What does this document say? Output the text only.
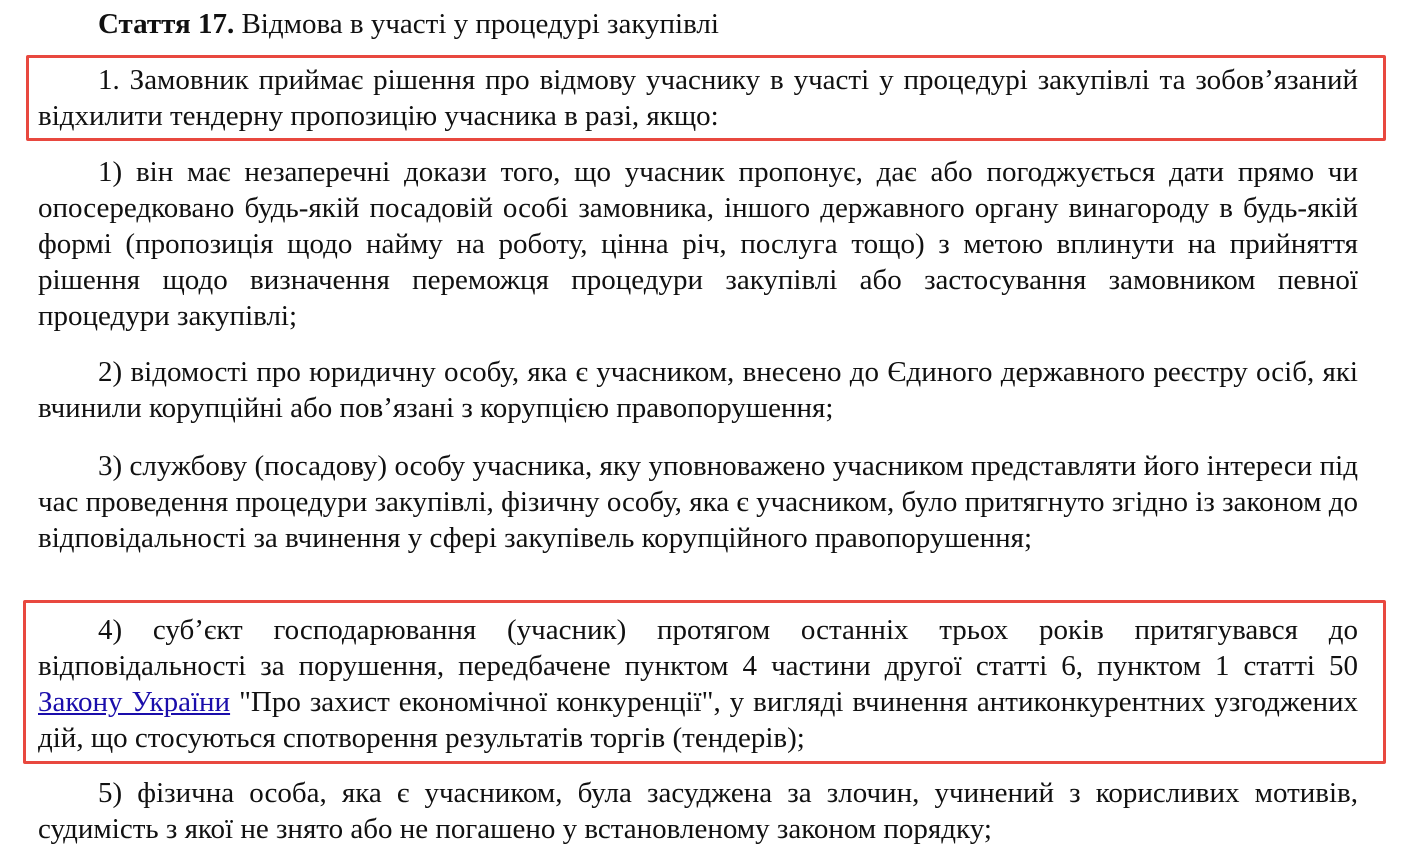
Стаття 17. Відмова в участі у процедурі закупівлі

1. Замовник приймає рішення про відмову учаснику в участі у процедурі закупівлі та зобов’язаний відхилити тендерну пропозицію учасника в разі, якщо:

1) він має незаперечні докази того, що учасник пропонує, дає або погоджується дати прямо чи опосередковано будь-якій посадовій особі замовника, іншого державного органу винагороду в будь-якій формі (пропозиція щодо найму на роботу, цінна річ, послуга тощо) з метою вплинути на прийняття рішення щодо визначення переможця процедури закупівлі або застосування замовником певної процедури закупівлі;

2) відомості про юридичну особу, яка є учасником, внесено до Єдиного державного реєстру осіб, які вчинили корупційні або пов’язані з корупцією правопорушення;

3) службову (посадову) особу учасника, яку уповноважено учасником представляти його інтереси під час проведення процедури закупівлі, фізичну особу, яка є учасником, було притягнуто згідно із законом до відповідальності за вчинення у сфері закупівель корупційного правопорушення;

4) суб’єкт господарювання (учасник) протягом останніх трьох років притягувався до відповідальності за порушення, передбачене пунктом 4 частини другої статті 6, пунктом 1 статті 50 Закону України "Про захист економічної конкуренції", у вигляді вчинення антиконкурентних узгоджених дій, що стосуються спотворення результатів торгів (тендерів);

5) фізична особа, яка є учасником, була засуджена за злочин, учинений з корисливих мотивів, судимість з якої не знято або не погашено у встановленому законом порядку;
